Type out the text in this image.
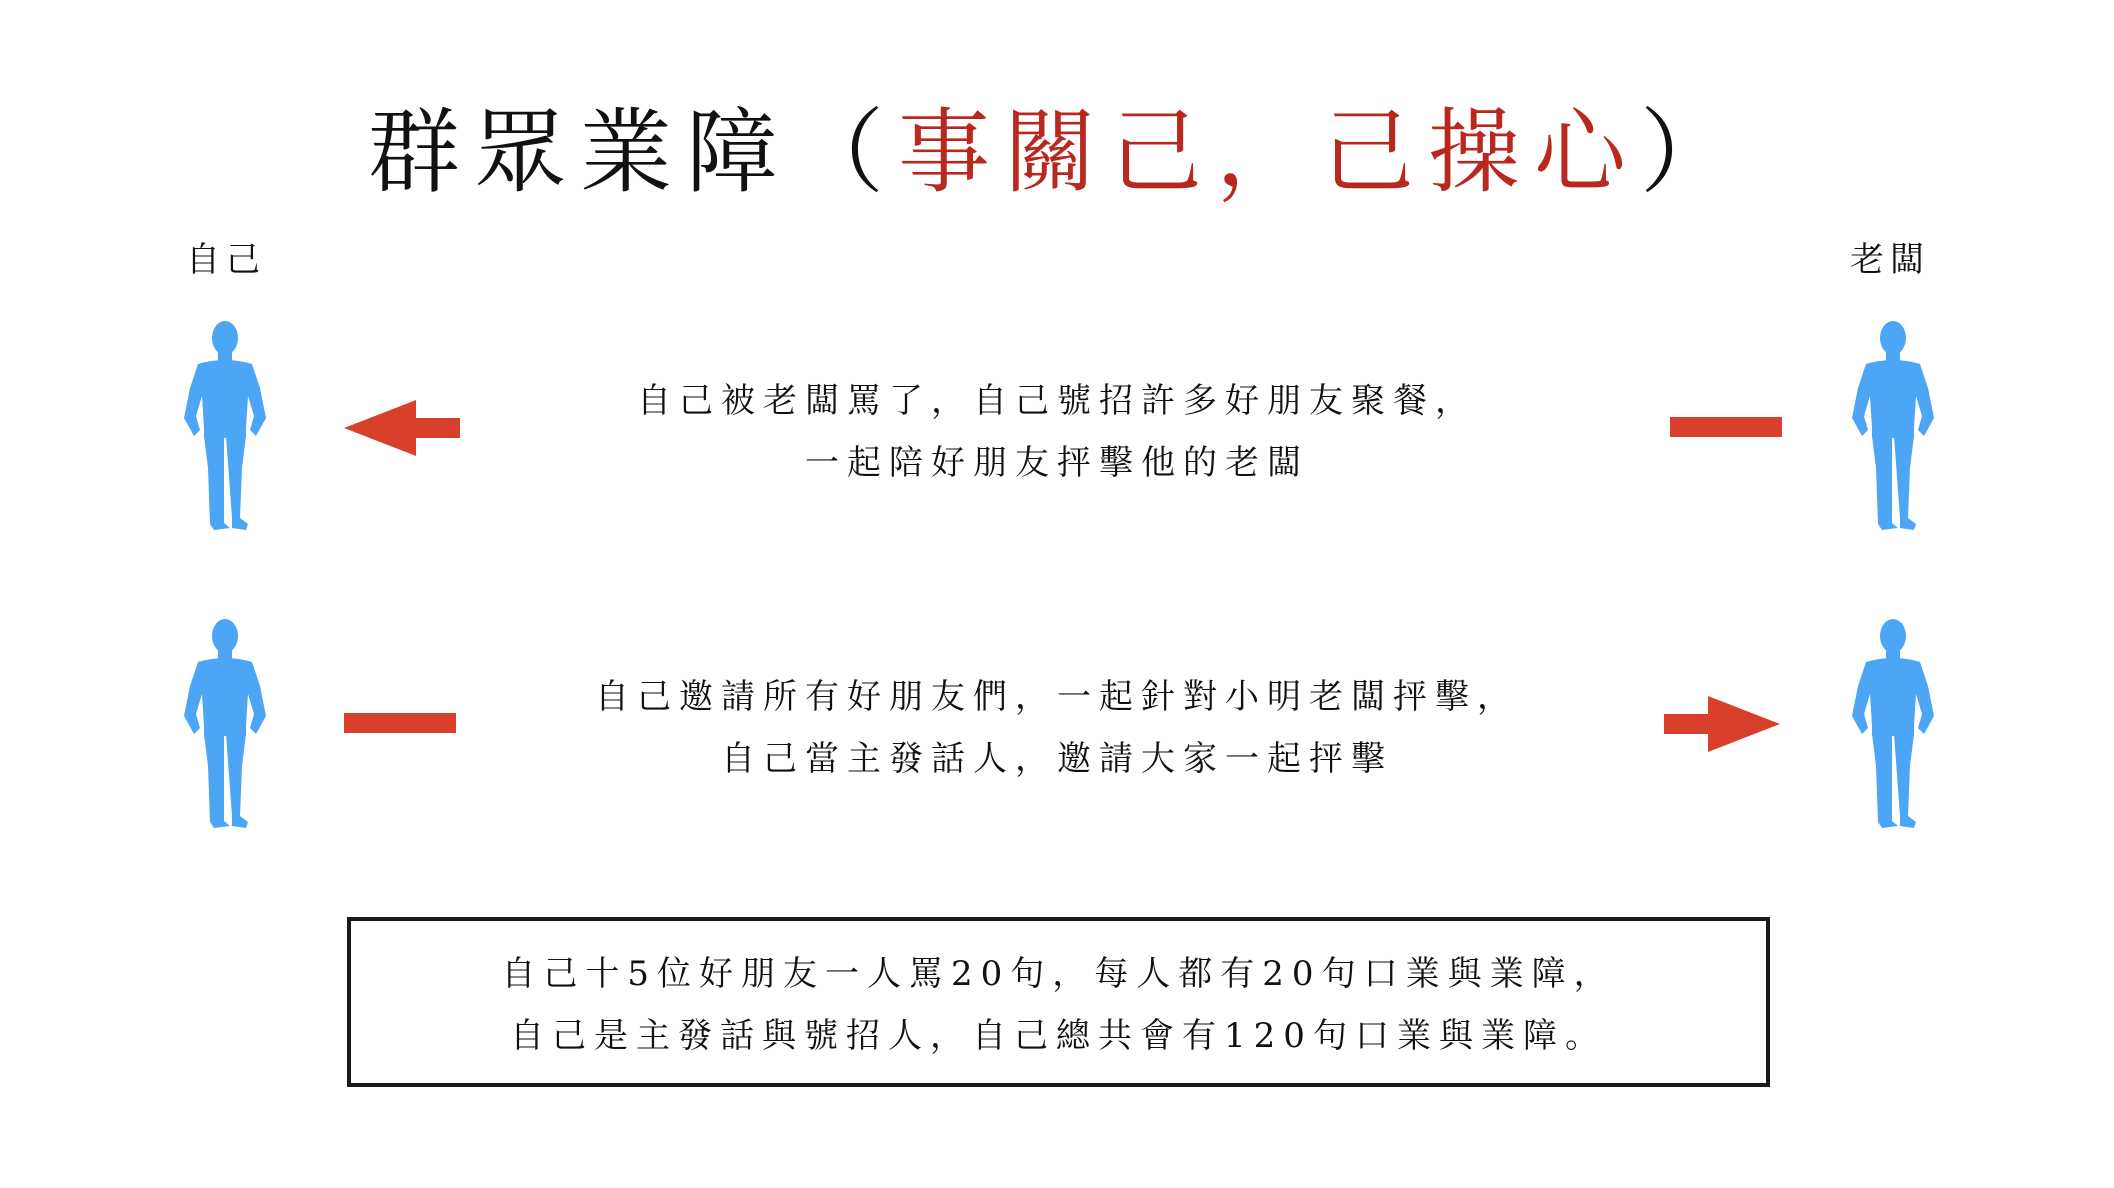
群眾業障（事關己，己操心）
自己	老闆
自己被老闆罵了，自己號招許多好朋友聚餐，
一起陪好朋友抨擊他的老闆
自己邀請所有好朋友們，一起針對小明老闆抨擊，
自己當主發話人，邀請大家一起抨擊
自己十5位好朋友一人罵20句，每人都有20句口業與業障，
自己是主發話與號招人，自己總共會有120句口業與業障。
